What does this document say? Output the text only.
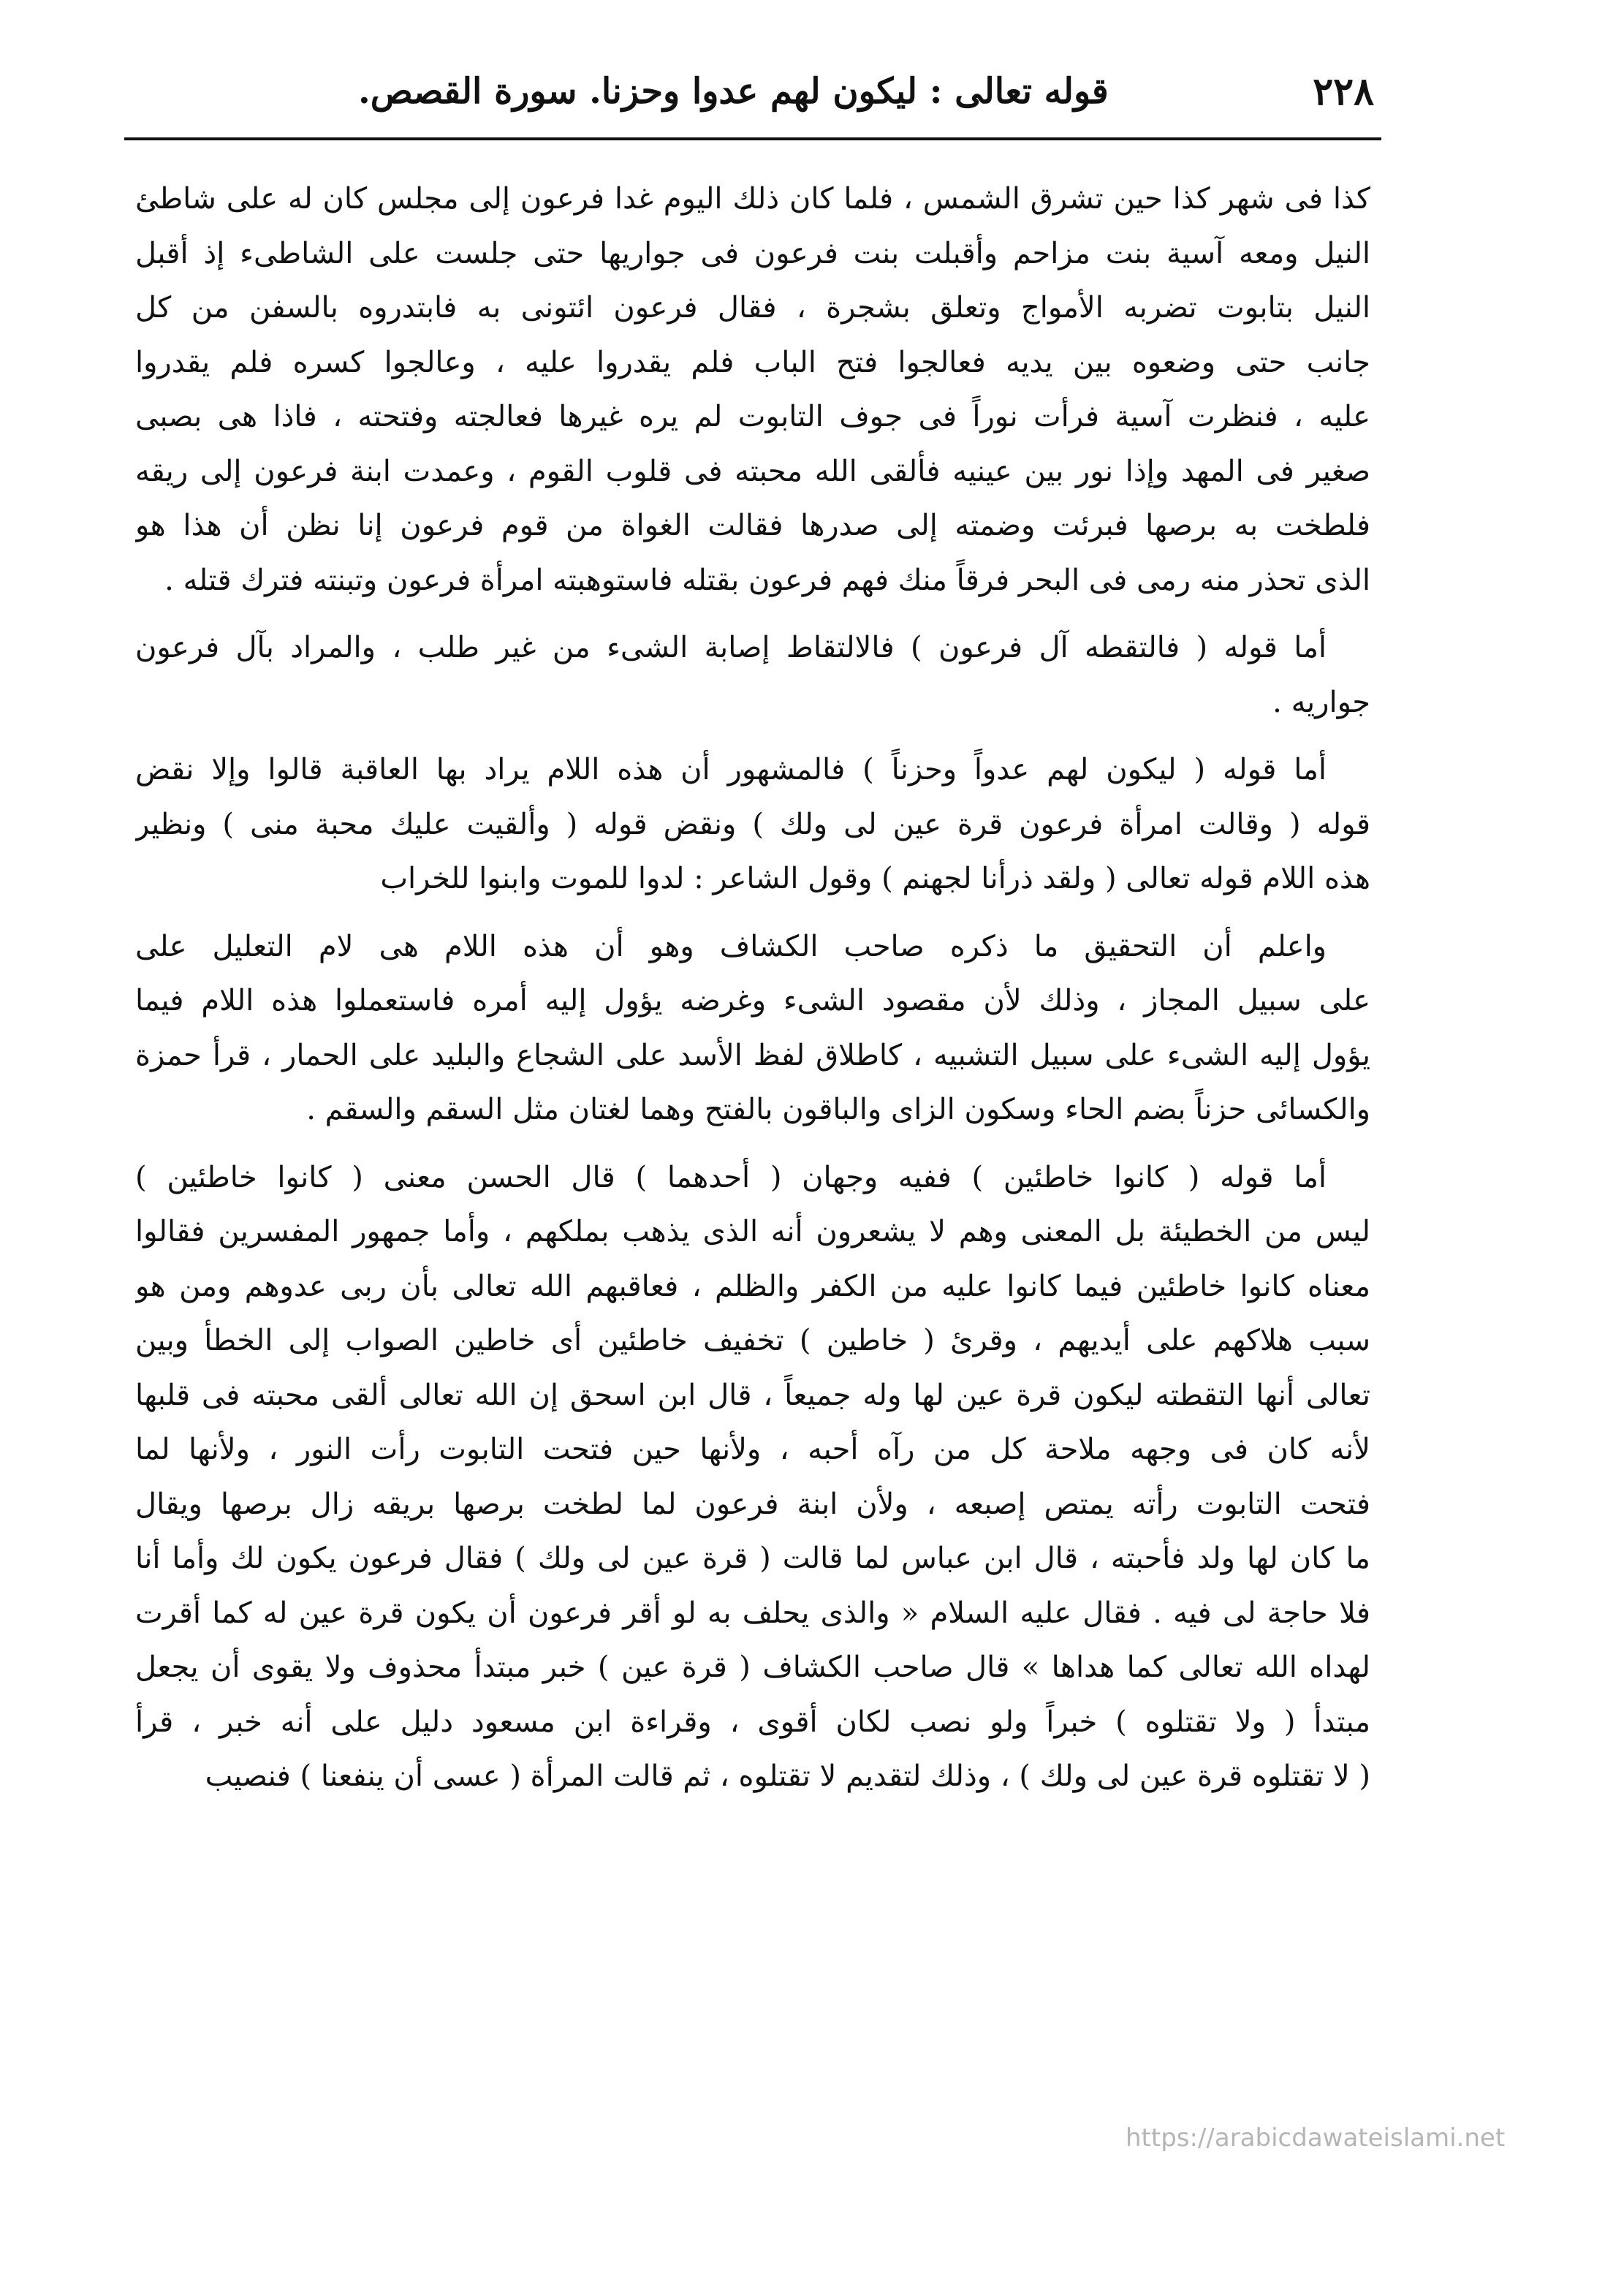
٢٢٨
قوله تعالى : ليكون لهم عدوا وحزنا. سورة القصص.
كذا فى شهر كذا حين تشرق الشمس ، فلما كان ذلك اليوم غدا فرعون إلى مجلس كان له على شاطئ
النيل ومعه آسية بنت مزاحم وأقبلت بنت فرعون فى جواريها حتى جلست على الشاطىء إذ أقبل
النيل بتابوت تضربه الأمواج وتعلق بشجرة ، فقال فرعون ائتونى به فابتدروه بالسفن من كل
جانب حتى وضعوه بين يديه فعالجوا فتح الباب فلم يقدروا عليه ، وعالجوا كسره فلم يقدروا
عليه ، فنظرت آسية فرأت نوراً فى جوف التابوت لم يره غيرها فعالجته وفتحته ، فاذا هى بصبى
صغير فى المهد وإذا نور بين عينيه فألقى الله محبته فى قلوب القوم ، وعمدت ابنة فرعون إلى ريقه
فلطخت به برصها فبرئت وضمته إلى صدرها فقالت الغواة من قوم فرعون إنا نظن أن هذا هو
الذى تحذر منه رمى فى البحر فرقاً منك فهم فرعون بقتله فاستوهبته امرأة فرعون وتبنته فترك قتله .
أما قوله ( فالتقطه آل فرعون ) فالالتقاط إصابة الشىء من غير طلب ، والمراد بآل فرعون
جواريه .
أما قوله ( ليكون لهم عدواً وحزناً ) فالمشهور أن هذه اللام يراد بها العاقبة قالوا وإلا نقض
قوله ( وقالت امرأة فرعون قرة عين لى ولك ) ونقض قوله ( وألقيت عليك محبة منى ) ونظير
هذه اللام قوله تعالى ( ولقد ذرأنا لجهنم ) وقول الشاعر : لدوا للموت وابنوا للخراب
واعلم أن التحقيق ما ذكره صاحب الكشاف وهو أن هذه اللام هى لام التعليل على
على سبيل المجاز ، وذلك لأن مقصود الشىء وغرضه يؤول إليه أمره فاستعملوا هذه اللام فيما
يؤول إليه الشىء على سبيل التشبيه ، كاطلاق لفظ الأسد على الشجاع والبليد على الحمار ، قرأ حمزة
والكسائى حزناً بضم الحاء وسكون الزاى والباقون بالفتح وهما لغتان مثل السقم والسقم .
أما قوله ( كانوا خاطئين ) ففيه وجهان ( أحدهما ) قال الحسن معنى ( كانوا خاطئين )
ليس من الخطيئة بل المعنى وهم لا يشعرون أنه الذى يذهب بملكهم ، وأما جمهور المفسرين فقالوا
معناه كانوا خاطئين فيما كانوا عليه من الكفر والظلم ، فعاقبهم الله تعالى بأن ربى عدوهم ومن هو
سبب هلاكهم على أيديهم ، وقرئ ( خاطين ) تخفيف خاطئين أى خاطين الصواب إلى الخطأ وبين
تعالى أنها التقطته ليكون قرة عين لها وله جميعاً ، قال ابن اسحق إن الله تعالى ألقى محبته فى قلبها
لأنه كان فى وجهه ملاحة كل من رآه أحبه ، ولأنها حين فتحت التابوت رأت النور ، ولأنها لما
فتحت التابوت رأته يمتص إصبعه ، ولأن ابنة فرعون لما لطخت برصها بريقه زال برصها ويقال
ما كان لها ولد فأحبته ، قال ابن عباس لما قالت ( قرة عين لى ولك ) فقال فرعون يكون لك وأما أنا
فلا حاجة لى فيه . فقال عليه السلام « والذى يحلف به لو أقر فرعون أن يكون قرة عين له كما أقرت
لهداه الله تعالى كما هداها » قال صاحب الكشاف ( قرة عين ) خبر مبتدأ محذوف ولا يقوى أن يجعل
مبتدأ ( ولا تقتلوه ) خبراً ولو نصب لكان أقوى ، وقراءة ابن مسعود دليل على أنه خبر ، قرأ
( لا تقتلوه قرة عين لى ولك ) ، وذلك لتقديم لا تقتلوه ، ثم قالت المرأة ( عسى أن ينفعنا ) فنصيب
https://arabicdawateislami.net
